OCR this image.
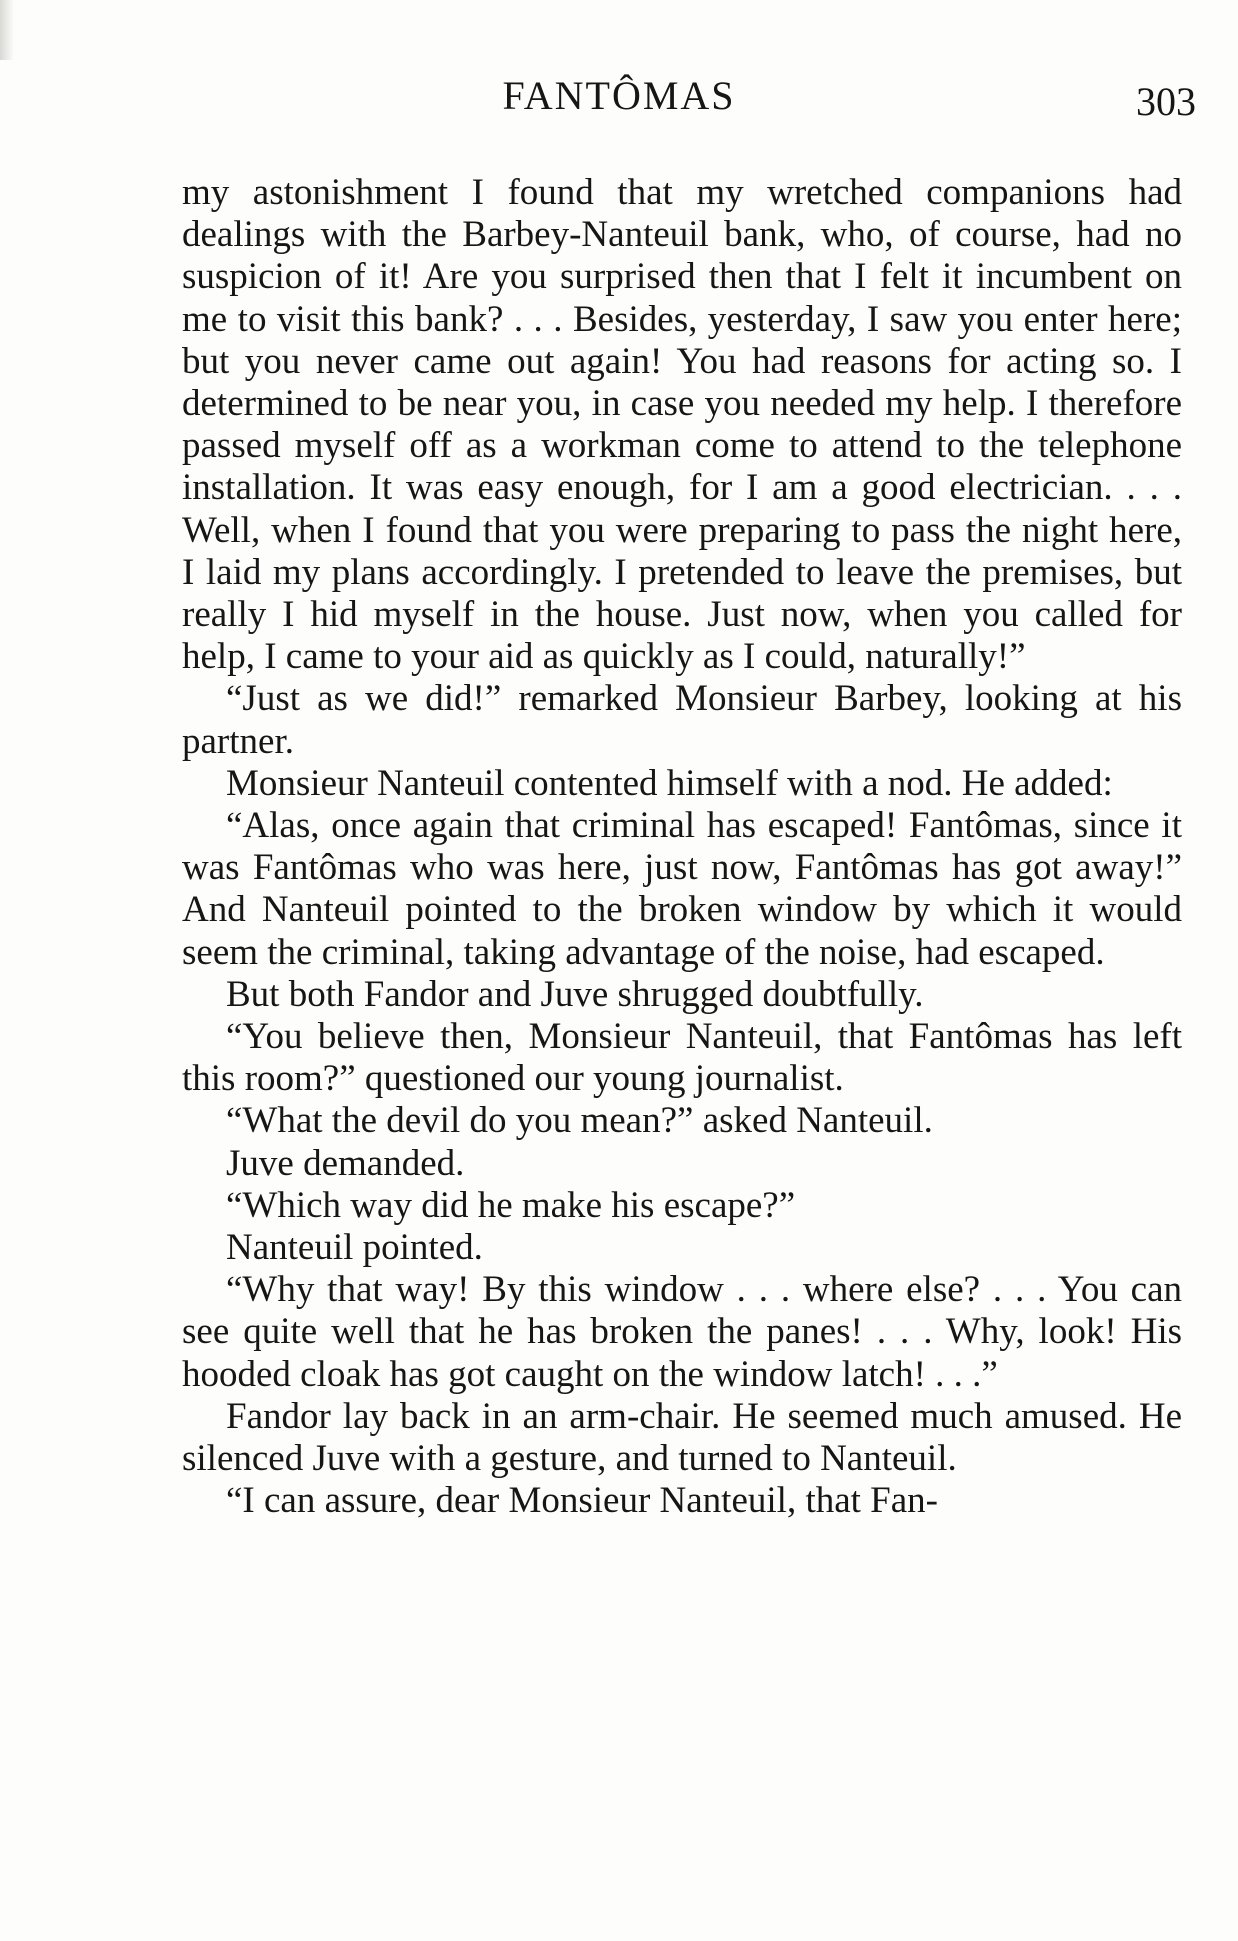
FANTÔMAS	303

my astonishment I found that my wretched companions had dealings with the Barbey-Nanteuil bank, who, of course, had no suspicion of it! Are you surprised then that I felt it incumbent on me to visit this bank? . . . Besides, yesterday, I saw you enter here; but you never came out again! You had reasons for acting so. I determined to be near you, in case you needed my help. I therefore passed myself off as a workman come to attend to the telephone installation. It was easy enough, for I am a good electrician. . . . Well, when I found that you were preparing to pass the night here, I laid my plans accordingly. I pretended to leave the premises, but really I hid myself in the house. Just now, when you called for help, I came to your aid as quickly as I could, naturally!”

“Just as we did!” remarked Monsieur Barbey, looking at his partner.

Monsieur Nanteuil contented himself with a nod. He added:

“Alas, once again that criminal has escaped! Fantômas, since it was Fantômas who was here, just now, Fantômas has got away!” And Nanteuil pointed to the broken window by which it would seem the criminal, taking advantage of the noise, had escaped.

But both Fandor and Juve shrugged doubtfully.

“You believe then, Monsieur Nanteuil, that Fantômas has left this room?” questioned our young journalist.

“What the devil do you mean?” asked Nanteuil.

Juve demanded.

“Which way did he make his escape?”

Nanteuil pointed.

“Why that way! By this window . . . where else? . . . You can see quite well that he has broken the panes! . . . Why, look! His hooded cloak has got caught on the window latch! . . .”

Fandor lay back in an arm-chair. He seemed much amused. He silenced Juve with a gesture, and turned to Nanteuil.

“I can assure, dear Monsieur Nanteuil, that Fan-
